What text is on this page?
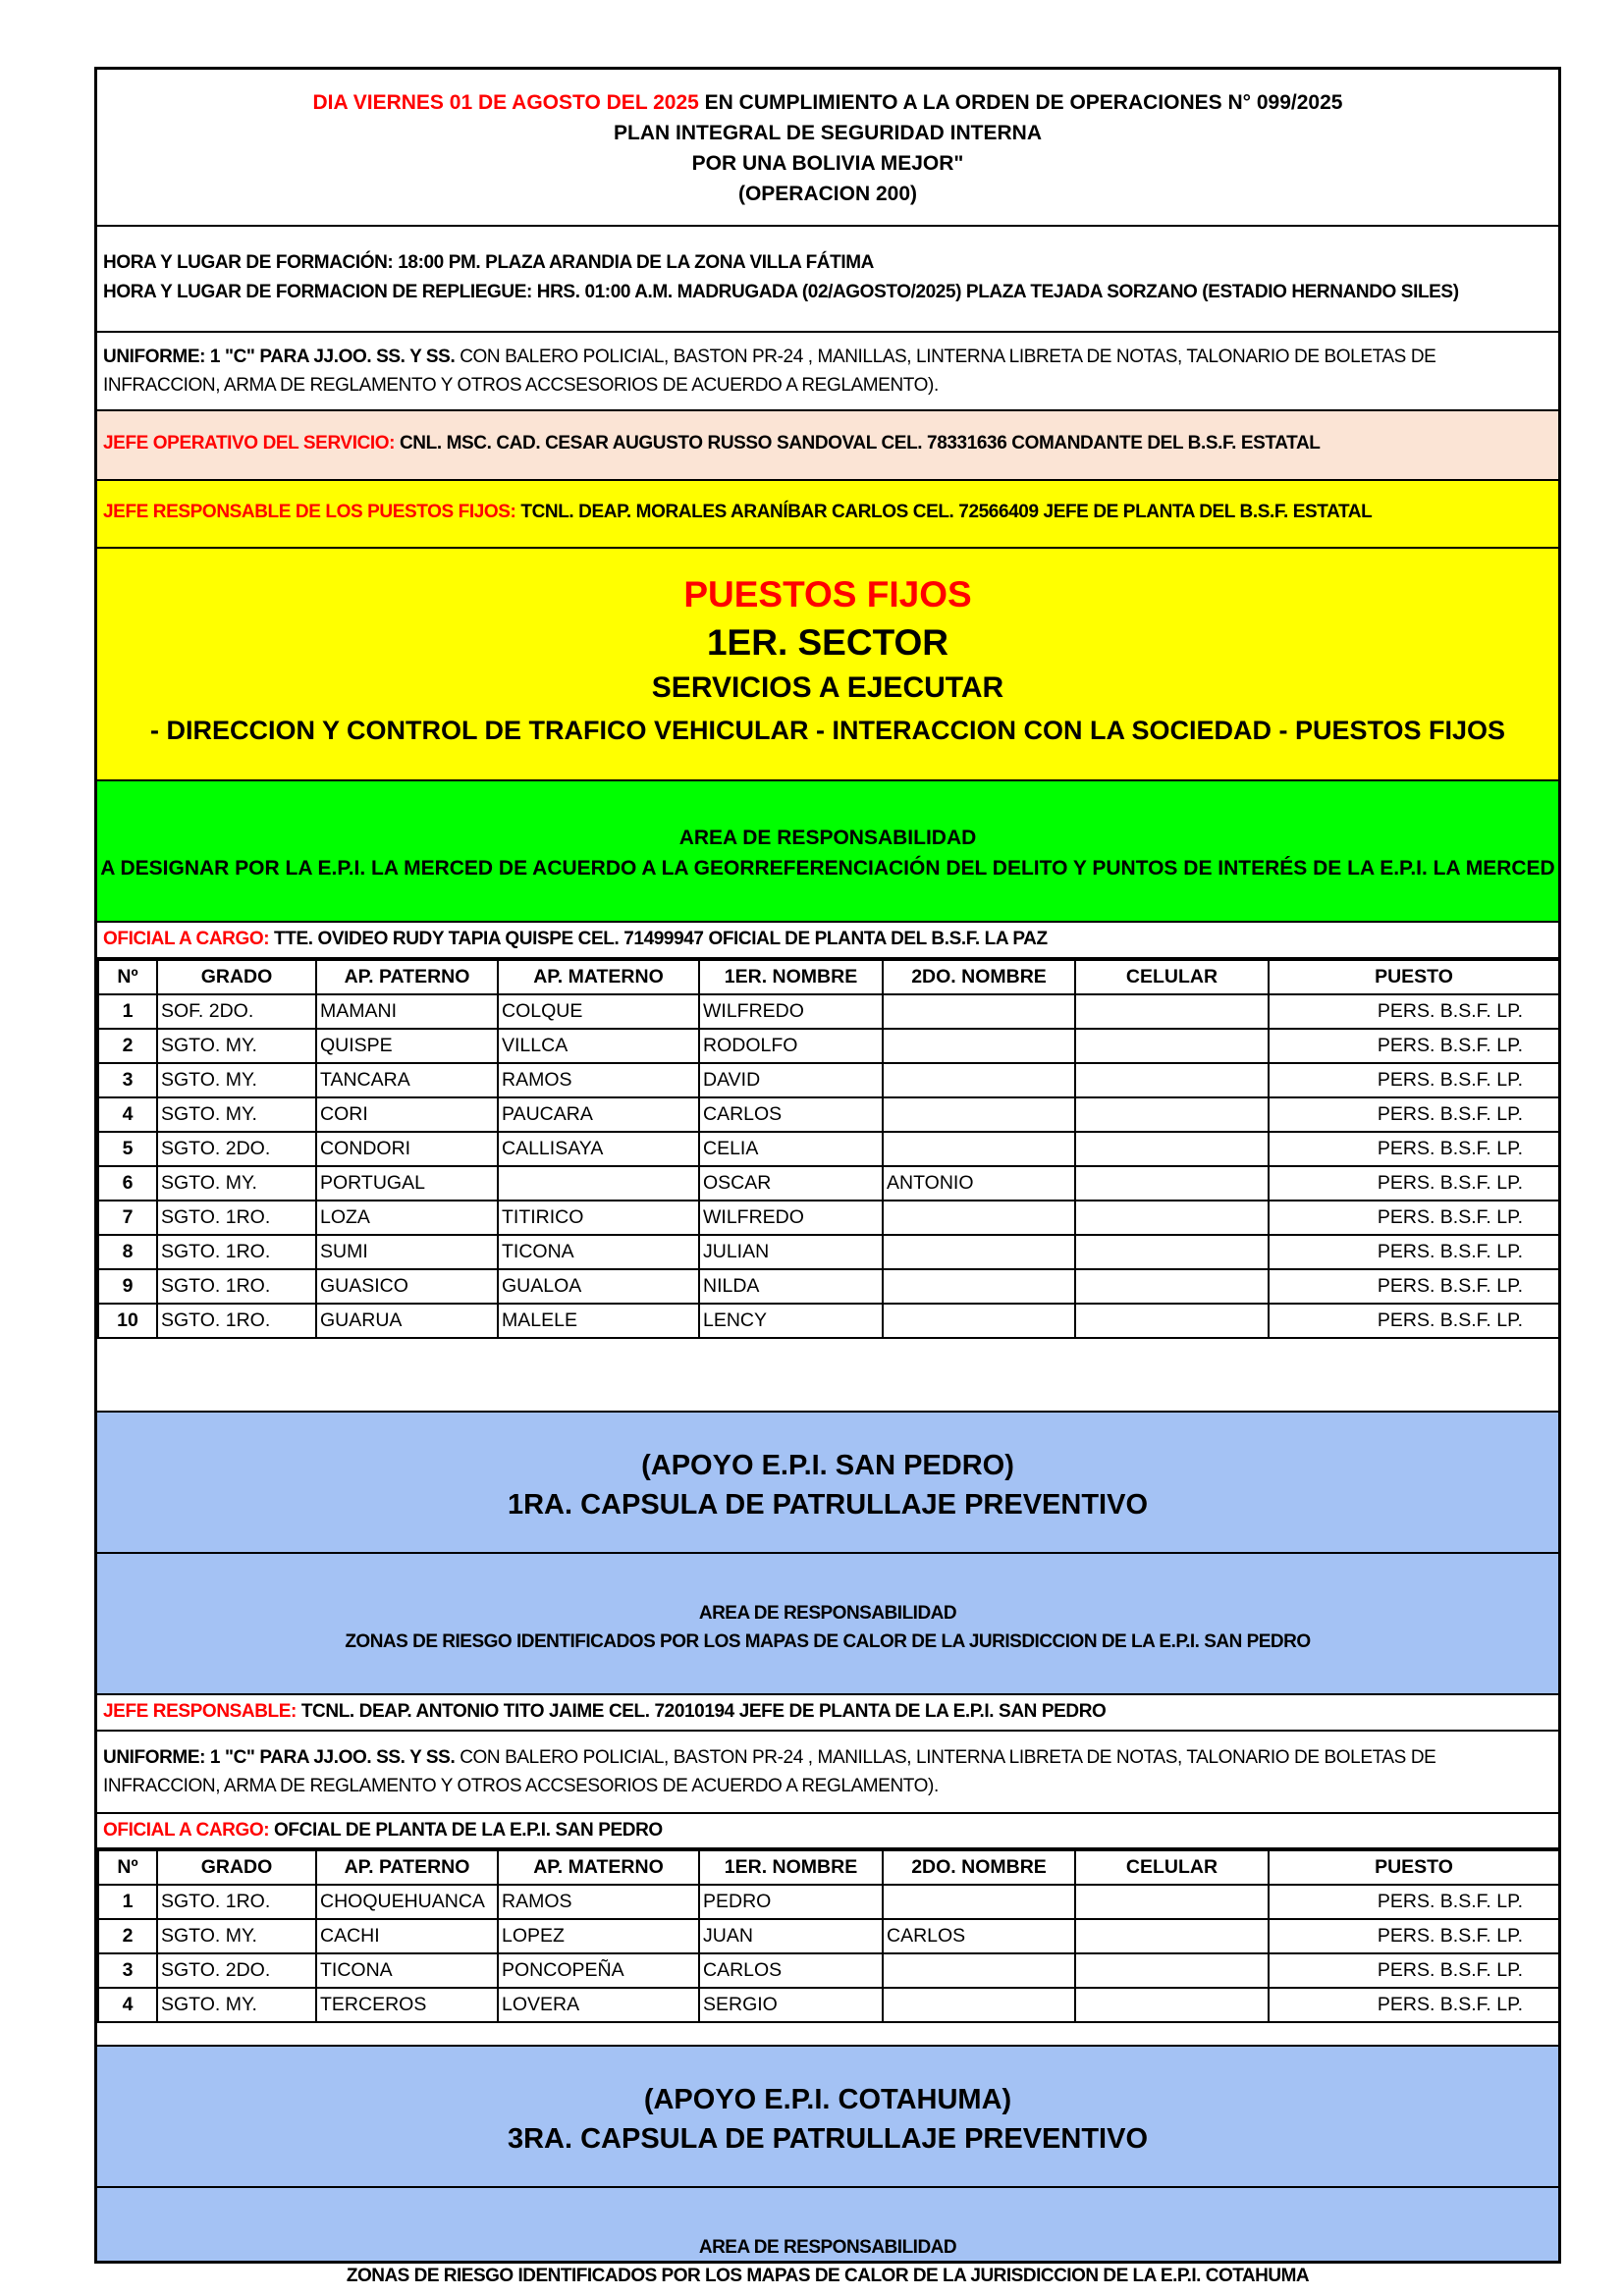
DIA VIERNES 01 DE AGOSTO DEL 2025 EN CUMPLIMIENTO A LA ORDEN DE OPERACIONES N° 099/2025
PLAN INTEGRAL DE SEGURIDAD INTERNA
POR UNA BOLIVIA MEJOR"
(OPERACION 200)
HORA Y LUGAR DE FORMACIÓN: 18:00 PM. PLAZA ARANDIA DE LA ZONA VILLA FÁTIMA
HORA Y LUGAR DE FORMACION DE REPLIEGUE: HRS. 01:00 A.M. MADRUGADA (02/AGOSTO/2025) PLAZA TEJADA SORZANO (ESTADIO HERNANDO SILES)
UNIFORME: 1 "C" PARA JJ.OO. SS. Y SS. CON BALERO POLICIAL, BASTON PR-24 , MANILLAS, LINTERNA LIBRETA DE NOTAS, TALONARIO DE BOLETAS DE
INFRACCION, ARMA DE REGLAMENTO Y OTROS ACCSESORIOS DE ACUERDO A REGLAMENTO).
JEFE OPERATIVO DEL SERVICIO: CNL. MSC. CAD. CESAR AUGUSTO RUSSO SANDOVAL CEL. 78331636 COMANDANTE DEL B.S.F. ESTATAL
JEFE RESPONSABLE DE LOS PUESTOS FIJOS: TCNL. DEAP. MORALES ARANÍBAR CARLOS CEL. 72566409 JEFE DE PLANTA DEL B.S.F. ESTATAL
PUESTOS FIJOS
1ER. SECTOR
SERVICIOS A EJECUTAR
- DIRECCION Y CONTROL DE TRAFICO VEHICULAR - INTERACCION CON LA SOCIEDAD - PUESTOS FIJOS
AREA DE RESPONSABILIDAD
A DESIGNAR POR LA E.P.I. LA MERCED DE ACUERDO A LA GEORREFERENCIACIÓN DEL DELITO Y PUNTOS DE INTERÉS DE LA E.P.I. LA MERCED
OFICIAL A CARGO: TTE. OVIDEO RUDY TAPIA QUISPE CEL. 71499947 OFICIAL DE PLANTA DEL B.S.F. LA PAZ
Nº	GRADO	AP. PATERNO	AP. MATERNO	1ER. NOMBRE	2DO. NOMBRE	CELULAR	PUESTO
1	SOF. 2DO.	MAMANI	COLQUE	WILFREDO			PERS. B.S.F. LP.
2	SGTO. MY.	QUISPE	VILLCA	RODOLFO			PERS. B.S.F. LP.
3	SGTO. MY.	TANCARA	RAMOS	DAVID			PERS. B.S.F. LP.
4	SGTO. MY.	CORI	PAUCARA	CARLOS			PERS. B.S.F. LP.
5	SGTO. 2DO.	CONDORI	CALLISAYA	CELIA			PERS. B.S.F. LP.
6	SGTO. MY.	PORTUGAL		OSCAR	ANTONIO		PERS. B.S.F. LP.
7	SGTO. 1RO.	LOZA	TITIRICO	WILFREDO			PERS. B.S.F. LP.
8	SGTO. 1RO.	SUMI	TICONA	JULIAN			PERS. B.S.F. LP.
9	SGTO. 1RO.	GUASICO	GUALOA	NILDA			PERS. B.S.F. LP.
10	SGTO. 1RO.	GUARUA	MALELE	LENCY			PERS. B.S.F. LP.
(APOYO E.P.I. SAN PEDRO)
1RA. CAPSULA DE PATRULLAJE PREVENTIVO
AREA DE RESPONSABILIDAD
ZONAS DE RIESGO IDENTIFICADOS POR LOS MAPAS DE CALOR DE LA JURISDICCION DE LA E.P.I. SAN PEDRO
JEFE RESPONSABLE: TCNL. DEAP. ANTONIO TITO JAIME CEL. 72010194 JEFE DE PLANTA DE LA E.P.I. SAN PEDRO
UNIFORME: 1 "C" PARA JJ.OO. SS. Y SS. CON BALERO POLICIAL, BASTON PR-24 , MANILLAS, LINTERNA LIBRETA DE NOTAS, TALONARIO DE BOLETAS DE
INFRACCION, ARMA DE REGLAMENTO Y OTROS ACCSESORIOS DE ACUERDO A REGLAMENTO).
OFICIAL A CARGO: OFCIAL DE PLANTA DE LA E.P.I. SAN PEDRO
Nº	GRADO	AP. PATERNO	AP. MATERNO	1ER. NOMBRE	2DO. NOMBRE	CELULAR	PUESTO
1	SGTO. 1RO.	CHOQUEHUANCA	RAMOS	PEDRO			PERS. B.S.F. LP.
2	SGTO. MY.	CACHI	LOPEZ	JUAN	CARLOS		PERS. B.S.F. LP.
3	SGTO. 2DO.	TICONA	PONCOPEÑA	CARLOS			PERS. B.S.F. LP.
4	SGTO. MY.	TERCEROS	LOVERA	SERGIO			PERS. B.S.F. LP.
(APOYO E.P.I. COTAHUMA)
3RA. CAPSULA DE PATRULLAJE PREVENTIVO
AREA DE RESPONSABILIDAD
ZONAS DE RIESGO IDENTIFICADOS POR LOS MAPAS DE CALOR DE LA JURISDICCION DE LA E.P.I. COTAHUMA
